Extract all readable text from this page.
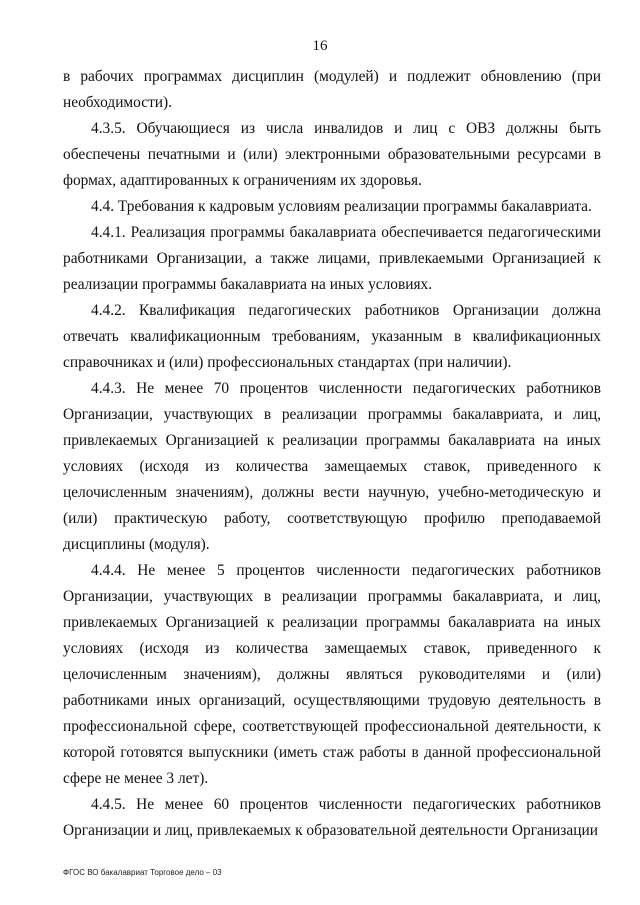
16

в рабочих программах дисциплин (модулей) и подлежит обновлению (при необходимости).

4.3.5. Обучающиеся из числа инвалидов и лиц с ОВЗ должны быть обеспечены печатными и (или) электронными образовательными ресурсами в формах, адаптированных к ограничениям их здоровья.

4.4. Требования к кадровым условиям реализации программы бакалавриата.

4.4.1. Реализация программы бакалавриата обеспечивается педагогическими работниками Организации, а также лицами, привлекаемыми Организацией к реализации программы бакалавриата на иных условиях.

4.4.2. Квалификация педагогических работников Организации должна отвечать квалификационным требованиям, указанным в квалификационных справочниках и (или) профессиональных стандартах (при наличии).

4.4.3. Не менее 70 процентов численности педагогических работников Организации, участвующих в реализации программы бакалавриата, и лиц, привлекаемых Организацией к реализации программы бакалавриата на иных условиях (исходя из количества замещаемых ставок, приведенного к целочисленным значениям), должны вести научную, учебно-методическую и (или) практическую работу, соответствующую профилю преподаваемой дисциплины (модуля).

4.4.4. Не менее 5 процентов численности педагогических работников Организации, участвующих в реализации программы бакалавриата, и лиц, привлекаемых Организацией к реализации программы бакалавриата на иных условиях (исходя из количества замещаемых ставок, приведенного к целочисленным значениям), должны являться руководителями и (или) работниками иных организаций, осуществляющими трудовую деятельность в профессиональной сфере, соответствующей профессиональной деятельности, к которой готовятся выпускники (иметь стаж работы в данной профессиональной сфере не менее 3 лет).

4.4.5. Не менее 60 процентов численности педагогических работников Организации и лиц, привлекаемых к образовательной деятельности Организации

ФГОС ВО бакалавриат Торговое дело – 03
